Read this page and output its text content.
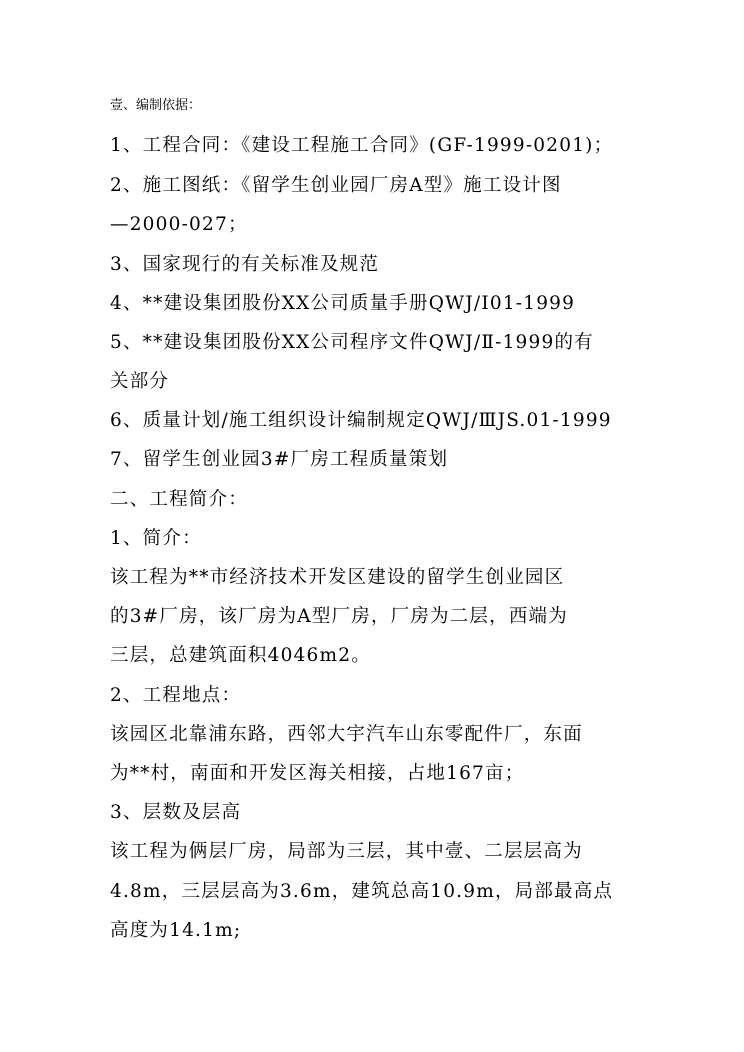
壹、编制依据：
1、工程合同：《建设工程施工合同》(GF-1999-0201)；
2、施工图纸：《留学生创业园厂房A型》施工设计图
—2000-027；
3、国家现行的有关标准及规范
4、**建设集团股份XX公司质量手册QWJ/Ⅰ01-1999
5、**建设集团股份XX公司程序文件QWJ/Ⅱ-1999的有
关部分
6、质量计划/施工组织设计编制规定QWJ/ⅢJS.01-1999
7、留学生创业园3#厂房工程质量策划
二、工程简介：
1、简介：
该工程为**市经济技术开发区建设的留学生创业园区
的3#厂房，该厂房为A型厂房，厂房为二层，西端为
三层，总建筑面积4046m2。
2、工程地点：
该园区北靠浦东路，西邻大宇汽车山东零配件厂，东面
为**村，南面和开发区海关相接，占地167亩；
3、层数及层高
该工程为俩层厂房，局部为三层，其中壹、二层层高为
4.8m，三层层高为3.6m，建筑总高10.9m，局部最高点
高度为14.1m;
